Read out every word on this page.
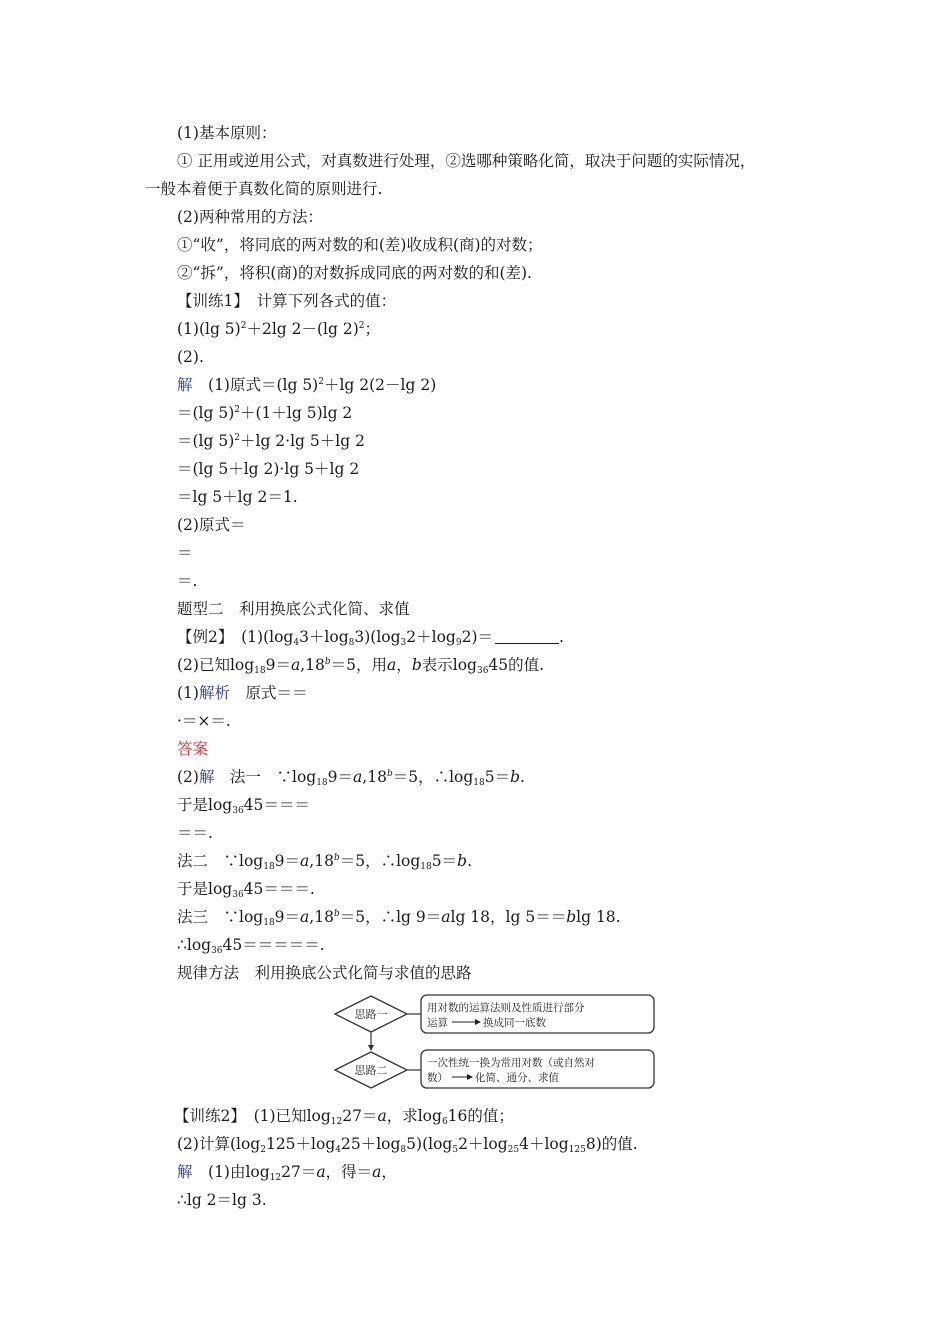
(1)基本原则：
① 正用或逆用公式，对真数进行处理，②选哪种策略化简，取决于问题的实际情况，
一般本着便于真数化简的原则进行.
(2)两种常用的方法：
①“收”，将同底的两对数的和(差)收成积(商)的对数；
②“拆”，将积(商)的对数拆成同底的两对数的和(差).
【训练1】　计算下列各式的值：
(1)(lg 5)$^2$＋2lg 2－(lg 2)$^2$；
(2).
解　(1)原式＝(lg 5)$^2$＋lg 2(2－lg 2)
＝(lg 5)$^2$＋(1＋lg 5)lg 2
＝(lg 5)$^2$＋lg 2·lg 5＋lg 2
＝(lg 5＋lg 2)·lg 5＋lg 2
＝lg 5＋lg 2＝1.
(2)原式＝
＝
＝.
题型二　利用换底公式化简、求值
【例2】　$(1)(\log_43+\log_83)(\log_32+\log_92)=$	.
(2)已知$\log_{18}9=a,18^b=5$，用a，b表示$\log_{36}45$的值.
(1)解析　原式＝＝
·＝×＝.
答案
(2)解　法一　$\because\log_{18}9=a,18^b=5$，$\therefore\log_{18}5=b$.
于是$\log_{36}45===$
＝＝.
法二　$\because\log_{18}9=a,18^b=5$，$\therefore\log_{18}5=b$.
于是$\log_{36}45===$.
法三　$\because\log_{18}9=a,18^b=5$，∴lg 9＝alg 18，lg 5＝＝blg 18.
$\therefore\log_{36}45=====$.
规律方法　利用换底公式化简与求值的思路
思路一	用对数的运算法则及性质进行部分
运算	换成同一底数
思路二
一次性统一换为常用对数（或自然对
数）	化简、通分、求值
【训练2】　(1)已知$\log_{12}27=a$，求$\log_616$的值；
(2)计算$(\log_2125+\log_425+\log_85)(\log_52+\log_{25}4+\log_{125}8)$的值.
解　(1)由$\log_{12}27=a$，得＝a，
∴lg 2＝lg 3.
